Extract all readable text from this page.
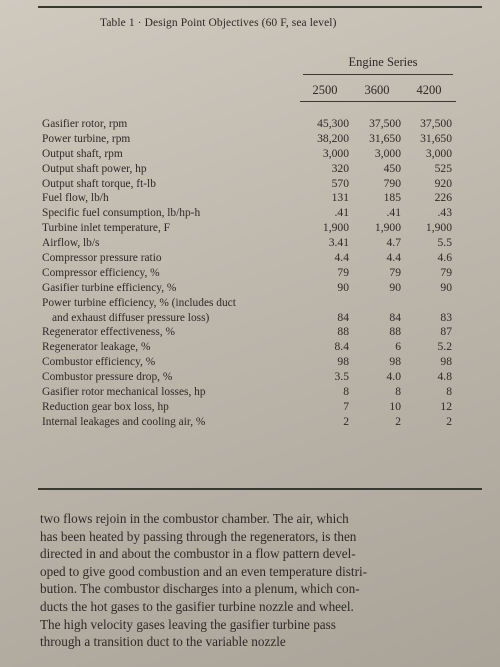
Table 1 · Design Point Objectives (60 F, sea level)
Engine Series
2500	3600	4200
Gasifier rotor, rpm	45,300	37,500	37,500
Power turbine, rpm	38,200	31,650	31,650
Output shaft, rpm	3,000	3,000	3,000
Output shaft power, hp	320	450	525
Output shaft torque, ft-lb	570	790	920
Fuel flow, lb/h	131	185	226
Specific fuel consumption, lb/hp-h	.41	.41	.43
Turbine inlet temperature, F	1,900	1,900	1,900
Airflow, lb/s	3.41	4.7	5.5
Compressor pressure ratio	4.4	4.4	4.6
Compressor efficiency, %	79	79	79
Gasifier turbine efficiency, %	90	90	90
Power turbine efficiency, % (includes duct
and exhaust diffuser pressure loss)	84	84	83
Regenerator effectiveness, %	88	88	87
Regenerator leakage, %	8.4	6	5.2
Combustor efficiency, %	98	98	98
Combustor pressure drop, %	3.5	4.0	4.8
Gasifier rotor mechanical losses, hp	8	8	8
Reduction gear box loss, hp	7	10	12
Internal leakages and cooling air, %	2	2	2

two flows rejoin in the combustor chamber. The air, which

has been heated by passing through the regenerators, is then

directed in and about the combustor in a flow pattern devel-

oped to give good combustion and an even temperature distri-

bution. The combustor discharges into a plenum, which con-

ducts the hot gases to the gasifier turbine nozzle and wheel.

The high velocity gases leaving the gasifier turbine pass

through a transition duct to the variable nozzle
